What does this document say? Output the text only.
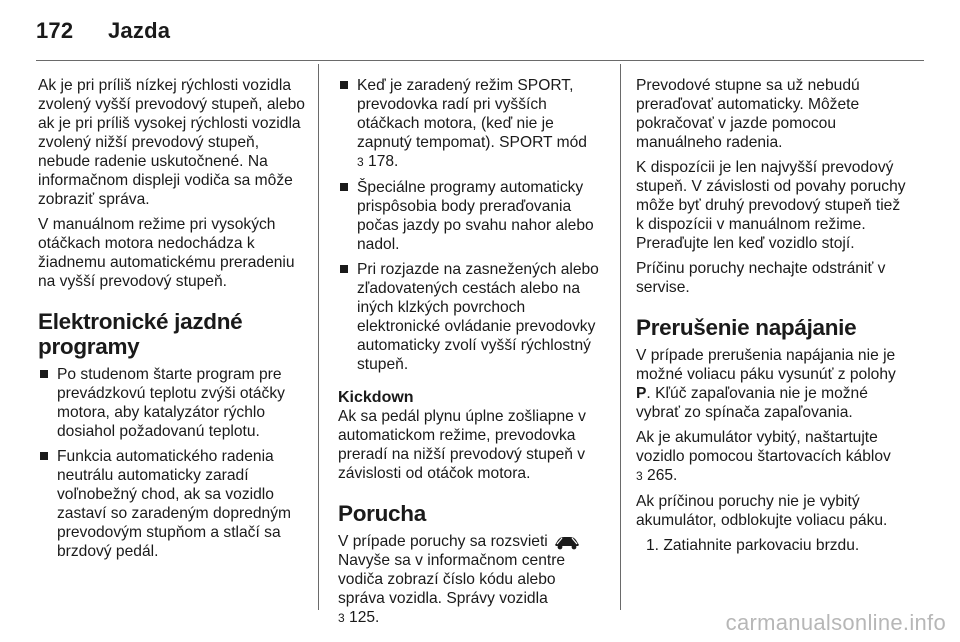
172 Jazda

Ak je pri príliš nízkej rýchlosti vozidla zvolený vyšší prevodový stupeň, alebo ak je pri príliš vysokej rýchlosti vozidla zvolený nižší prevodový stupeň, nebude radenie uskutočnené. Na informačnom displeji vodiča sa môže zobraziť správa.

V manuálnom režime pri vysokých otáčkach motora nedochádza k žiadnemu automatickému preradeniu na vyšší prevodový stupeň.

Elektronické jazdné programy
Po studenom štarte program pre prevádzkovú teplotu zvýši otáčky motora, aby katalyzátor rýchlo dosiahol požadovanú teplotu.
Funkcia automatického radenia neutrálu automaticky zaradí voľnobežný chod, ak sa vozidlo zastaví so zaradeným dopredným prevodovým stupňom a stlačí sa brzdový pedál.
Keď je zaradený režim SPORT, prevodovka radí pri vyšších otáčkach motora, (keď nie je zapnutý tempomat). SPORT mód
3 178.
Špeciálne programy automaticky prispôsobia body preraďovania počas jazdy po svahu nahor alebo nadol.
Pri rozjazde na zasnežených alebo zľadovatených cestách alebo na iných klzkých povrchoch elektronické ovládanie prevodovky automaticky zvolí vyšší rýchlostný stupeň.
Kickdown

Ak sa pedál plynu úplne zošliapne v automatickom režime, prevodovka preradí na nižší prevodový stupeň v závislosti od otáčok motora.

Porucha

V prípade poruchy sa rozsvieti  Navyše sa v informačnom centre vodiča zobrazí číslo kódu alebo správa vozidla. Správy vozidla
3 125.

Prevodové stupne sa už nebudú preraďovať automaticky. Môžete pokračovať v jazde pomocou manuálneho radenia.

K dispozícii je len najvyšší prevodový stupeň. V závislosti od povahy poruchy môže byť druhý prevodový stupeň tiež k dispozícii v manuálnom režime. Preraďujte len keď vozidlo stojí.

Príčinu poruchy nechajte odstrániť v servise.

Prerušenie napájanie

V prípade prerušenia napájania nie je možné voliacu páku vysunúť z polohy P. Kľúč zapaľovania nie je možné vybrať zo spínača zapaľovania.

Ak je akumulátor vybitý, naštartujte vozidlo pomocou štartovacích káblov
3 265.

Ak príčinou poruchy nie je vybitý akumulátor, odblokujte voliacu páku.

1. Zatiahnite parkovaciu brzdu.
carmanualsonline.info
